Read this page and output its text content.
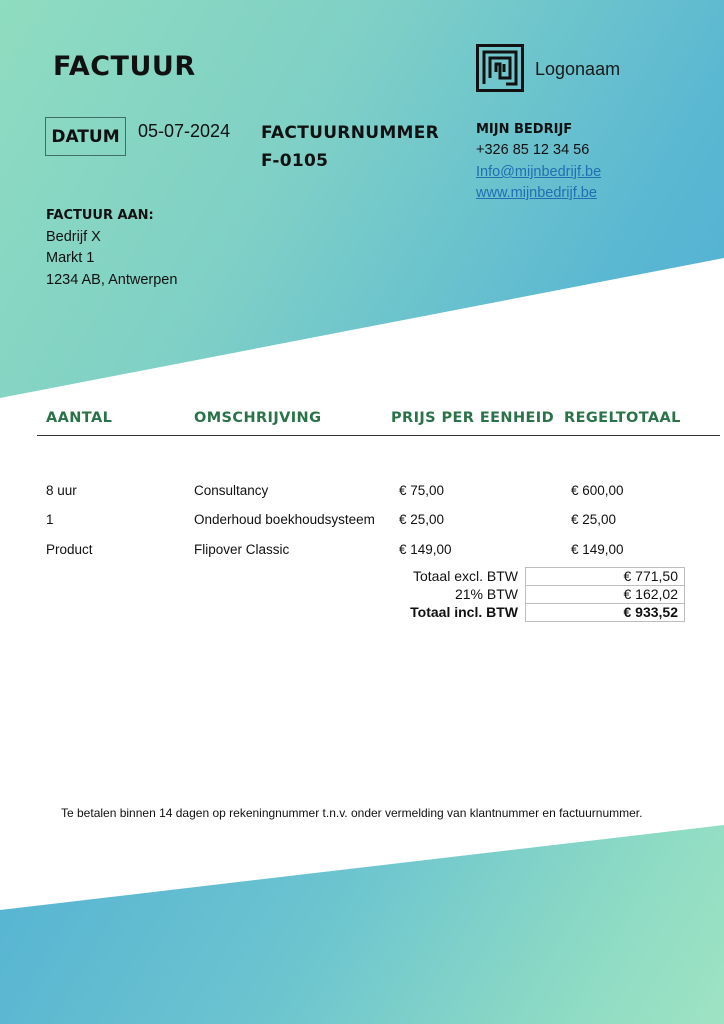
FACTUUR	Logonaam
DATUM	05-07-2024 FACTUURNUMMER
F-0105
MIJN BEDRIJF
+326 85 12 34 56
Info@mijnbedrijf.be
www.mijnbedrijf.be
FACTUUR AAN:
Bedrijf X
Markt 1
1234 AB, Antwerpen
AANTAL	OMSCHRIJVING	PRIJS PER EENHEID REGELTOTAAL
8 uur	Consultancy	€ 75,00	€ 600,00
1	Onderhoud boekhoudsysteem € 25,00	€ 25,00
Product	Flipover Classic	€ 149,00	€ 149,00
Totaal excl. BTW	€ 771,50
21% BTW	€ 162,02
Totaal incl. BTW	€ 933,52
Te betalen binnen 14 dagen op rekeningnummer t.n.v. onder vermelding van klantnummer en factuurnummer.
